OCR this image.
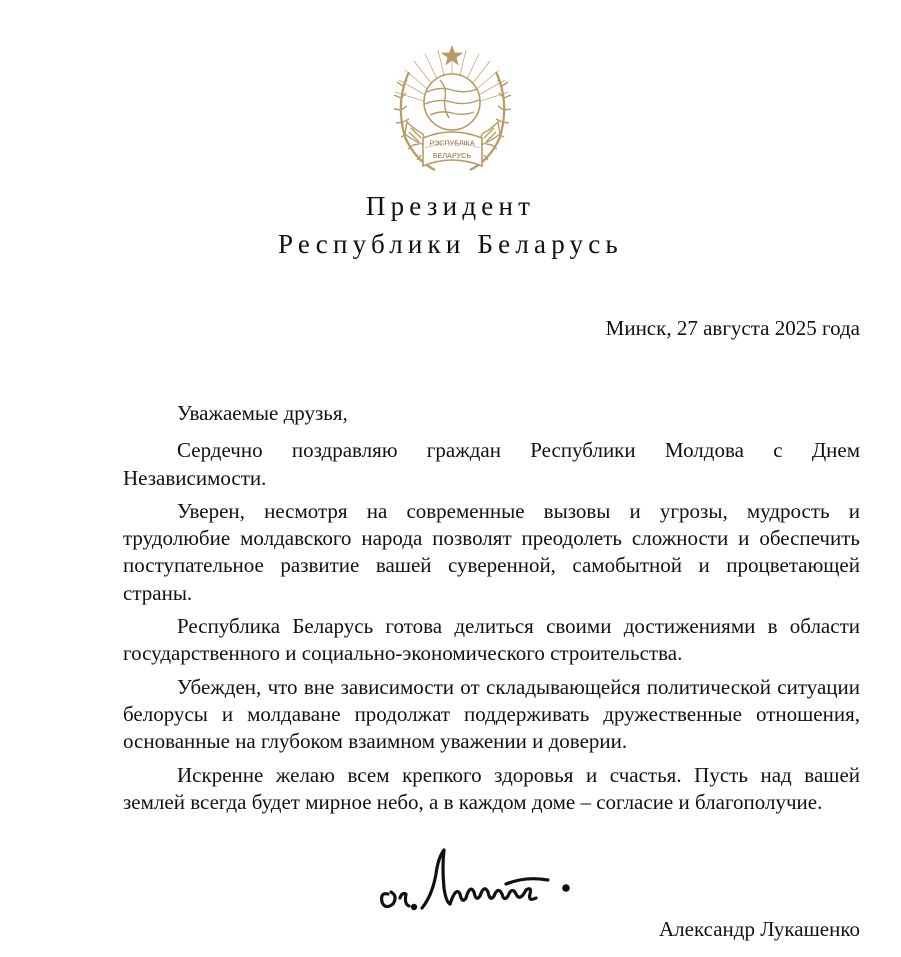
РЭСПУБЛІКА
БЕЛАРУСЬ
Президент
Республики Беларусь
Минск, 27 августа 2025 года

Уважаемые друзья,

Сердечно поздравляю граждан Республики Молдова с Днем Независимости.

Уверен, несмотря на современные вызовы и угрозы, мудрость и трудолюбие молдавского народа позволят преодолеть сложности и обеспечить поступательное развитие вашей суверенной, самобытной и процветающей страны.

Республика Беларусь готова делиться своими достижениями в области государственного и социально-экономического строительства.

Убежден, что вне зависимости от складывающейся политической ситуации белорусы и молдаване продолжат поддерживать дружественные отношения, основанные на глубоком взаимном уважении и доверии.

Искренне желаю всем крепкого здоровья и счастья. Пусть над вашей землей всегда будет мирное небо, а в каждом доме – согласие и благополучие.

Александр Лукашенко
